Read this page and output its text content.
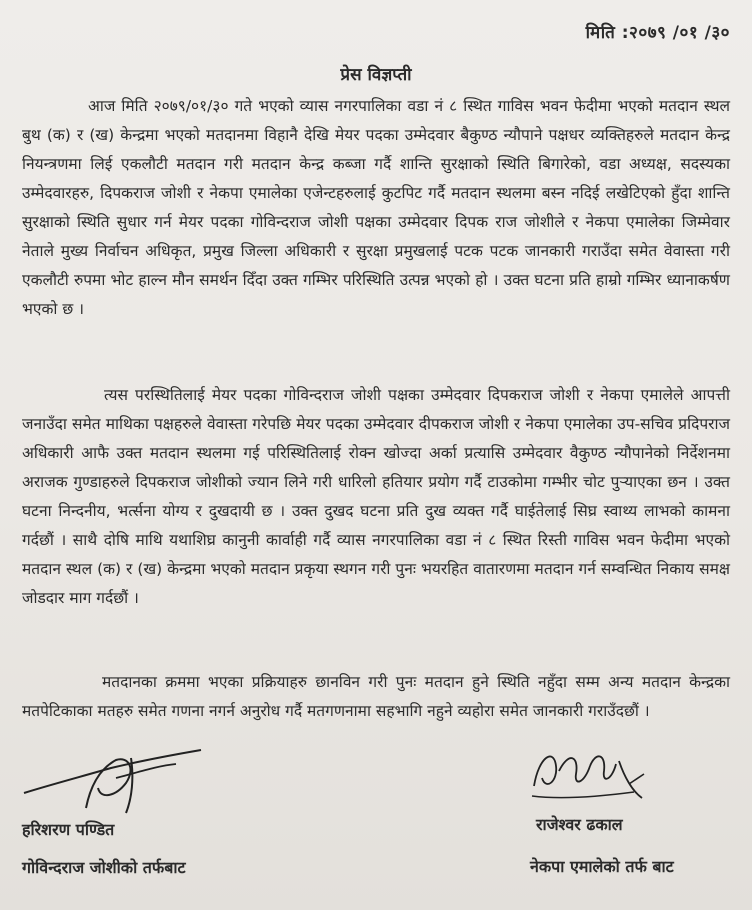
मिति :२०७९ /०१ /३०
प्रेस विज्ञप्ती
आज मिति २०७९/०१/३० गते भएको व्यास नगरपालिका वडा नं ८ स्थित गाविस भवन फेदीमा भएको मतदान स्थल बुथ (क) र (ख) केन्द्रमा भएको मतदानमा विहानै देखि मेयर पदका उम्मेदवार बैकुण्ठ न्यौपाने पक्षधर व्यक्तिहरुले मतदान केन्द्र नियन्त्रणमा लिई एकलौटी मतदान गरी मतदान केन्द्र कब्जा गर्दै शान्ति सुरक्षाको स्थिति बिगारेको, वडा अध्यक्ष, सदस्यका उम्मेदवारहरु, दिपकराज जोशी र नेकपा एमालेका एजेन्टहरुलाई कुटपिट गर्दै मतदान स्थलमा बस्न नदिई लखेटिएको हुँदा शान्ति सुरक्षाको स्थिति सुधार गर्न मेयर पदका गोविन्दराज जोशी पक्षका उम्मेदवार दिपक राज जोशीले र नेकपा एमालेका जिम्मेवार नेताले मुख्य निर्वाचन अधिकृत, प्रमुख जिल्ला अधिकारी र सुरक्षा प्रमुखलाई पटक पटक जानकारी गराउँदा समेत वेवास्ता गरी एकलौटी रुपमा भोट हाल्न मौन समर्थन दिँदा उक्त गम्भिर परिस्थिति उत्पन्न भएको हो । उक्त घटना प्रति हाम्रो गम्भिर ध्यानाकर्षण भएको छ ।
त्यस परस्थितिलाई मेयर पदका गोविन्दराज जोशी पक्षका उम्मेदवार दिपकराज जोशी र नेकपा एमालेले आपत्ती जनाउँदा समेत माथिका पक्षहरुले वेवास्ता गरेपछि मेयर पदका उम्मेदवार दीपकराज जोशी र नेकपा एमालेका उप-सचिव प्रदिपराज अधिकारी आफै उक्त मतदान स्थलमा गई परिस्थितिलाई रोक्न खोज्दा अर्का प्रत्यासि उम्मेदवार वैकुण्ठ न्यौपानेको निर्देशनमा अराजक गुण्डाहरुले दिपकराज जोशीको ज्यान लिने गरी धारिलो हतियार प्रयोग गर्दै टाउकोमा गम्भीर चोट पुऱ्याएका छन । उक्त घटना निन्दनीय, भर्त्सना योग्य र दुखदायी छ । उक्त दुखद घटना प्रति दुख व्यक्त गर्दै घाईतेलाई सिघ्र स्वाथ्य लाभको कामना गर्दछौं । साथै दोषि माथि यथाशिघ्र कानुनी कार्वाही गर्दै व्यास नगरपालिका वडा नं ८ स्थित रिस्ती गाविस भवन फेदीमा भएको मतदान स्थल (क) र (ख) केन्द्रमा भएको मतदान प्रकृया स्थगन गरी पुनः भयरहित वातारणमा मतदान गर्न सम्वन्धित निकाय समक्ष जोडदार माग गर्दछौं ।
मतदानका क्रममा भएका प्रक्रियाहरु छानविन गरी पुनः मतदान हुने स्थिति नहुँदा सम्म अन्य मतदान केन्द्रका मतपेटिकाका मतहरु समेत गणना नगर्न अनुरोध गर्दै मतगणनामा सहभागि नहुने व्यहोरा समेत जानकारी गराउँदछौं ।
हरिशरण पण्डित
गोविन्दराज जोशीको तर्फबाट
राजेश्वर ढकाल
नेकपा एमालेको तर्फ बाट
